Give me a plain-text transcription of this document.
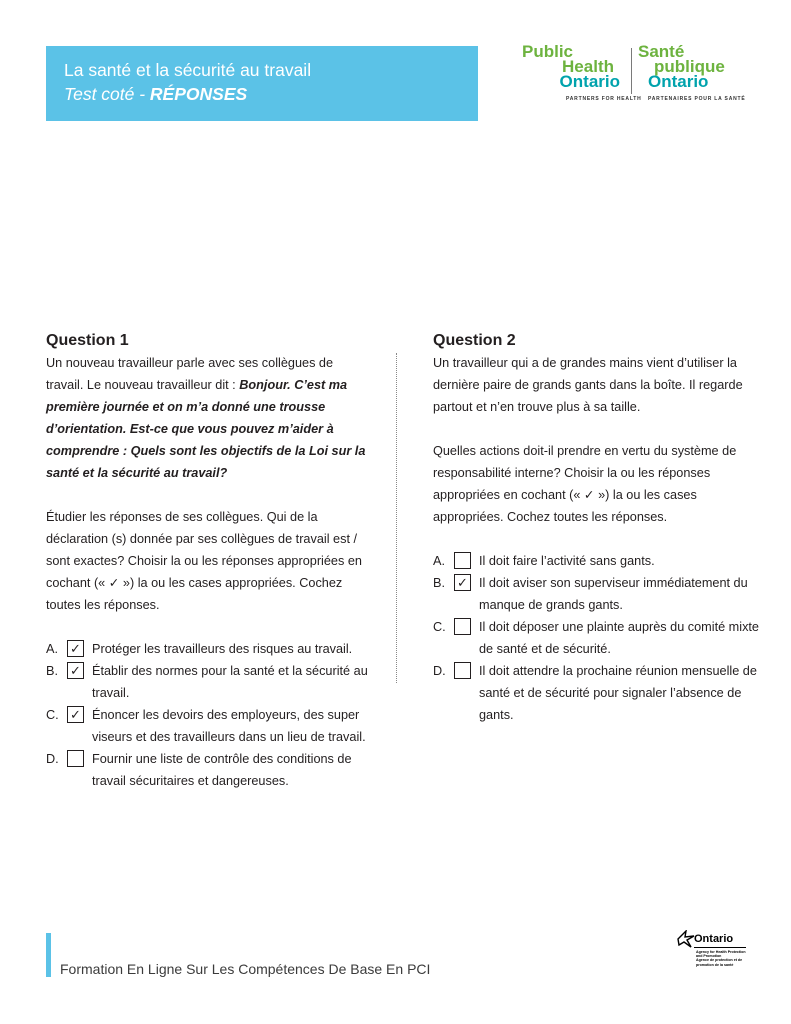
La santé et la sécurité au travail
Test coté - RÉPONSES
Public
Health
Ontario
PARTNERS FOR HEALTH
Santé
publique
Ontario
PARTENAIRES POUR LA SANTÉ
Question 1

Un nouveau travailleur parle avec ses collègues de travail. Le nouveau travailleur dit : Bonjour. C’est ma première journée et on m’a donné une trousse d’orientation. Est-ce que vous pouvez m’aider à comprendre : Quels sont les objectifs de la Loi sur la santé et la sécurité au travail?

Étudier les réponses de ses collègues. Qui de la déclaration (s) donnée par ses collègues de travail est / sont exactes? Choisir la ou les réponses appropriées en cochant (« ✓ ») la ou les cases appropriées. Cochez toutes les réponses.

A. ✓ Protéger les travailleurs des risques au travail.
B. ✓ Établir des normes pour la santé et la sécurité au travail.
C. ✓ Énoncer les devoirs des employeurs, des super viseurs et des travailleurs dans un lieu de travail.
D.	Fournir une liste de contrôle des conditions de travail sécuritaires et dangereuses.
Question 2

Un travailleur qui a de grandes mains vient d’utiliser la dernière paire de grands gants dans la boîte. Il regarde partout et n’en trouve plus à sa taille.

Quelles actions doit-il prendre en vertu du système de responsabilité interne? Choisir la ou les réponses appropriées en cochant (« ✓ ») la ou les cases appropriées. Cochez toutes les réponses.

A.	Il doit faire l’activité sans gants.
B. ✓ Il doit aviser son superviseur immédiatement du manque de grands gants.
C.	Il doit déposer une plainte auprès du comité mixte de santé et de sécurité.
D.	Il doit attendre la prochaine réunion mensuelle de santé et de sécurité pour signaler l’absence de gants.
Formation En Ligne Sur Les Compétences De Base En PCI
Ontario
Agency for Health Protection and Promotion
Agence de protection et de promotion de la santé
